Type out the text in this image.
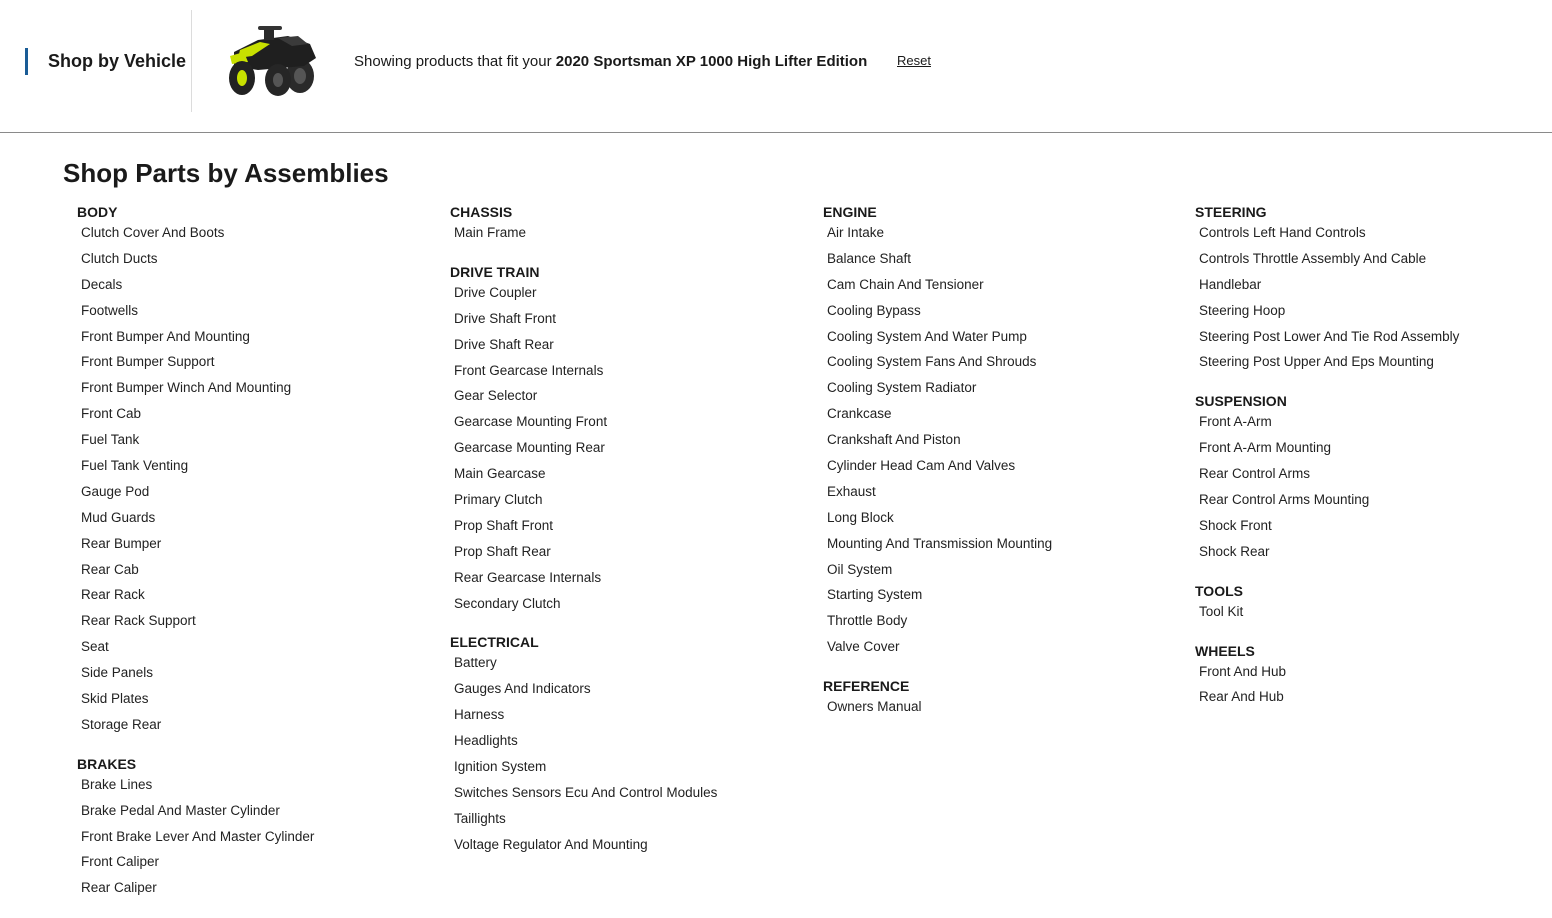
Shop by Vehicle	Showing products that fit your 2020 Sportsman XP 1000 High Lifter Edition Reset
Shop Parts by Assemblies
BODY
Clutch Cover And Boots
Clutch Ducts
Decals
Footwells
Front Bumper And Mounting
Front Bumper Support
Front Bumper Winch And Mounting
Front Cab
Fuel Tank
Fuel Tank Venting
Gauge Pod
Mud Guards
Rear Bumper
Rear Cab
Rear Rack
Rear Rack Support
Seat
Side Panels
Skid Plates
Storage Rear
BRAKES
Brake Lines
Brake Pedal And Master Cylinder
Front Brake Lever And Master Cylinder
Front Caliper
Rear Caliper
CHASSIS
Main Frame
DRIVE TRAIN
Drive Coupler
Drive Shaft Front
Drive Shaft Rear
Front Gearcase Internals
Gear Selector
Gearcase Mounting Front
Gearcase Mounting Rear
Main Gearcase
Primary Clutch
Prop Shaft Front
Prop Shaft Rear
Rear Gearcase Internals
Secondary Clutch
ELECTRICAL
Battery
Gauges And Indicators
Harness
Headlights
Ignition System
Switches Sensors Ecu And Control Modules
Taillights
Voltage Regulator And Mounting
ENGINE
Air Intake
Balance Shaft
Cam Chain And Tensioner
Cooling Bypass
Cooling System And Water Pump
Cooling System Fans And Shrouds
Cooling System Radiator
Crankcase
Crankshaft And Piston
Cylinder Head Cam And Valves
Exhaust
Long Block
Mounting And Transmission Mounting
Oil System
Starting System
Throttle Body
Valve Cover
REFERENCE
Owners Manual
STEERING
Controls Left Hand Controls
Controls Throttle Assembly And Cable
Handlebar
Steering Hoop
Steering Post Lower And Tie Rod Assembly
Steering Post Upper And Eps Mounting
SUSPENSION
Front A-Arm
Front A-Arm Mounting
Rear Control Arms
Rear Control Arms Mounting
Shock Front
Shock Rear
TOOLS
Tool Kit
WHEELS
Front And Hub
Rear And Hub
